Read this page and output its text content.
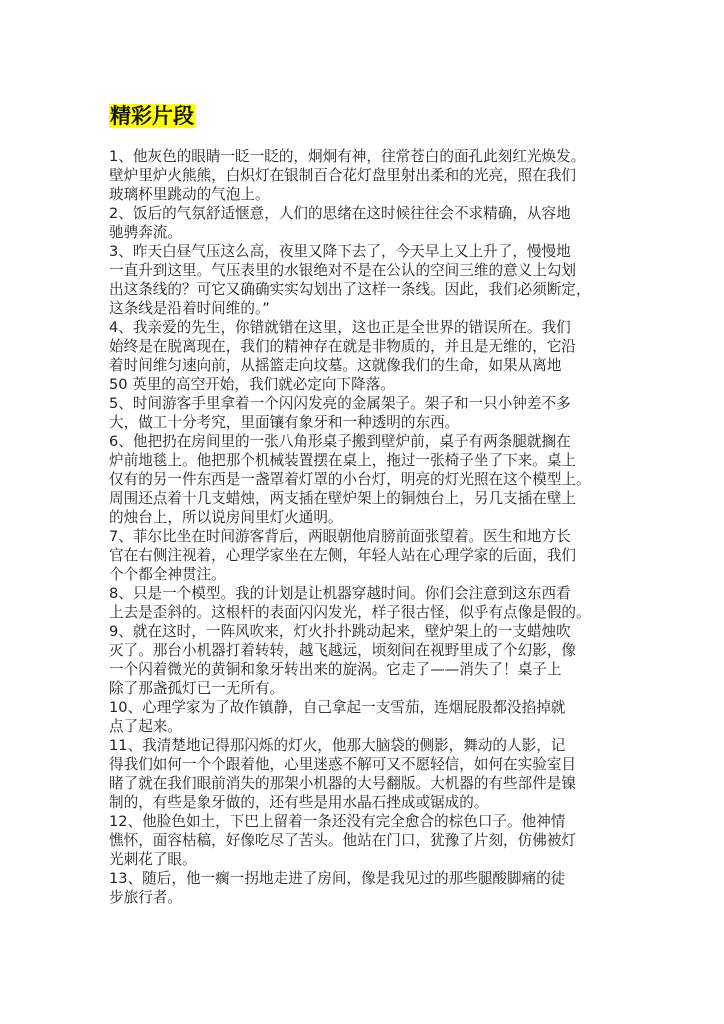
精彩片段
1、他灰色的眼睛一眨一眨的，炯炯有神，往常苍白的面孔此刻红光焕发。
壁炉里炉火熊熊，白炽灯在银制百合花灯盘里射出柔和的光亮，照在我们
玻璃杯里跳动的气泡上。
2、饭后的气氛舒适惬意，人们的思绪在这时候往往会不求精确，从容地
驰骋奔流。
3、昨天白昼气压这么高，夜里又降下去了，今天早上又上升了，慢慢地
一直升到这里。气压表里的水银绝对不是在公认的空间三维的意义上勾划
出这条线的？可它又确确实实勾划出了这样一条线。因此，我们必须断定，
这条线是沿着时间维的。”
4、我亲爱的先生，你错就错在这里，这也正是全世界的错误所在。我们
始终是在脱离现在，我们的精神存在就是非物质的，并且是无维的，它沿
着时间维匀速向前，从摇篮走向坟墓。这就像我们的生命，如果从离地
50 英里的高空开始，我们就必定向下降落。
5、时间游客手里拿着一个闪闪发亮的金属架子。架子和一只小钟差不多
大，做工十分考究，里面镶有象牙和一种透明的东西。
6、他把扔在房间里的一张八角形桌子搬到壁炉前，桌子有两条腿就搁在
炉前地毯上。他把那个机械装置摆在桌上，拖过一张椅子坐了下来。桌上
仅有的另一件东西是一盏罩着灯罩的小台灯，明亮的灯光照在这个模型上。
周围还点着十几支蜡烛，两支插在壁炉架上的铜烛台上，另几支插在壁上
的烛台上，所以说房间里灯火通明。
7、菲尔比坐在时间游客背后，两眼朝他肩膀前面张望着。医生和地方长
官在右侧注视着，心理学家坐在左侧，年轻人站在心理学家的后面，我们
个个都全神贯注。
8、只是一个模型。我的计划是让机器穿越时间。你们会注意到这东西看
上去是歪斜的。这根杆的表面闪闪发光，样子很古怪，似乎有点像是假的。
9、就在这时，一阵风吹来，灯火扑扑跳动起来，壁炉架上的一支蜡烛吹
灭了。那台小机器打着转转，越飞越远，顷刻间在视野里成了个幻影，像
一个闪着微光的黄铜和象牙转出来的旋涡。它走了——消失了！桌子上
除了那盏孤灯已一无所有。
10、心理学家为了故作镇静，自己拿起一支雪茄，连烟屁股都没掐掉就
点了起来。
11、我清楚地记得那闪烁的灯火，他那大脑袋的侧影，舞动的人影，记
得我们如何一个个跟着他，心里迷惑不解可又不愿轻信，如何在实验室目
睹了就在我们眼前消失的那架小机器的大号翻版。大机器的有些部件是镍
制的，有些是象牙做的，还有些是用水晶石挫成或锯成的。
12、他脸色如土，下巴上留着一条还没有完全愈合的棕色口子。他神情
憔怀，面容枯稿，好像吃尽了苦头。他站在门口，犹豫了片刻，仿佛被灯
光刺花了眼。
13、随后，他一瘸一拐地走进了房间，像是我见过的那些腿酸脚痛的徒
步旅行者。
